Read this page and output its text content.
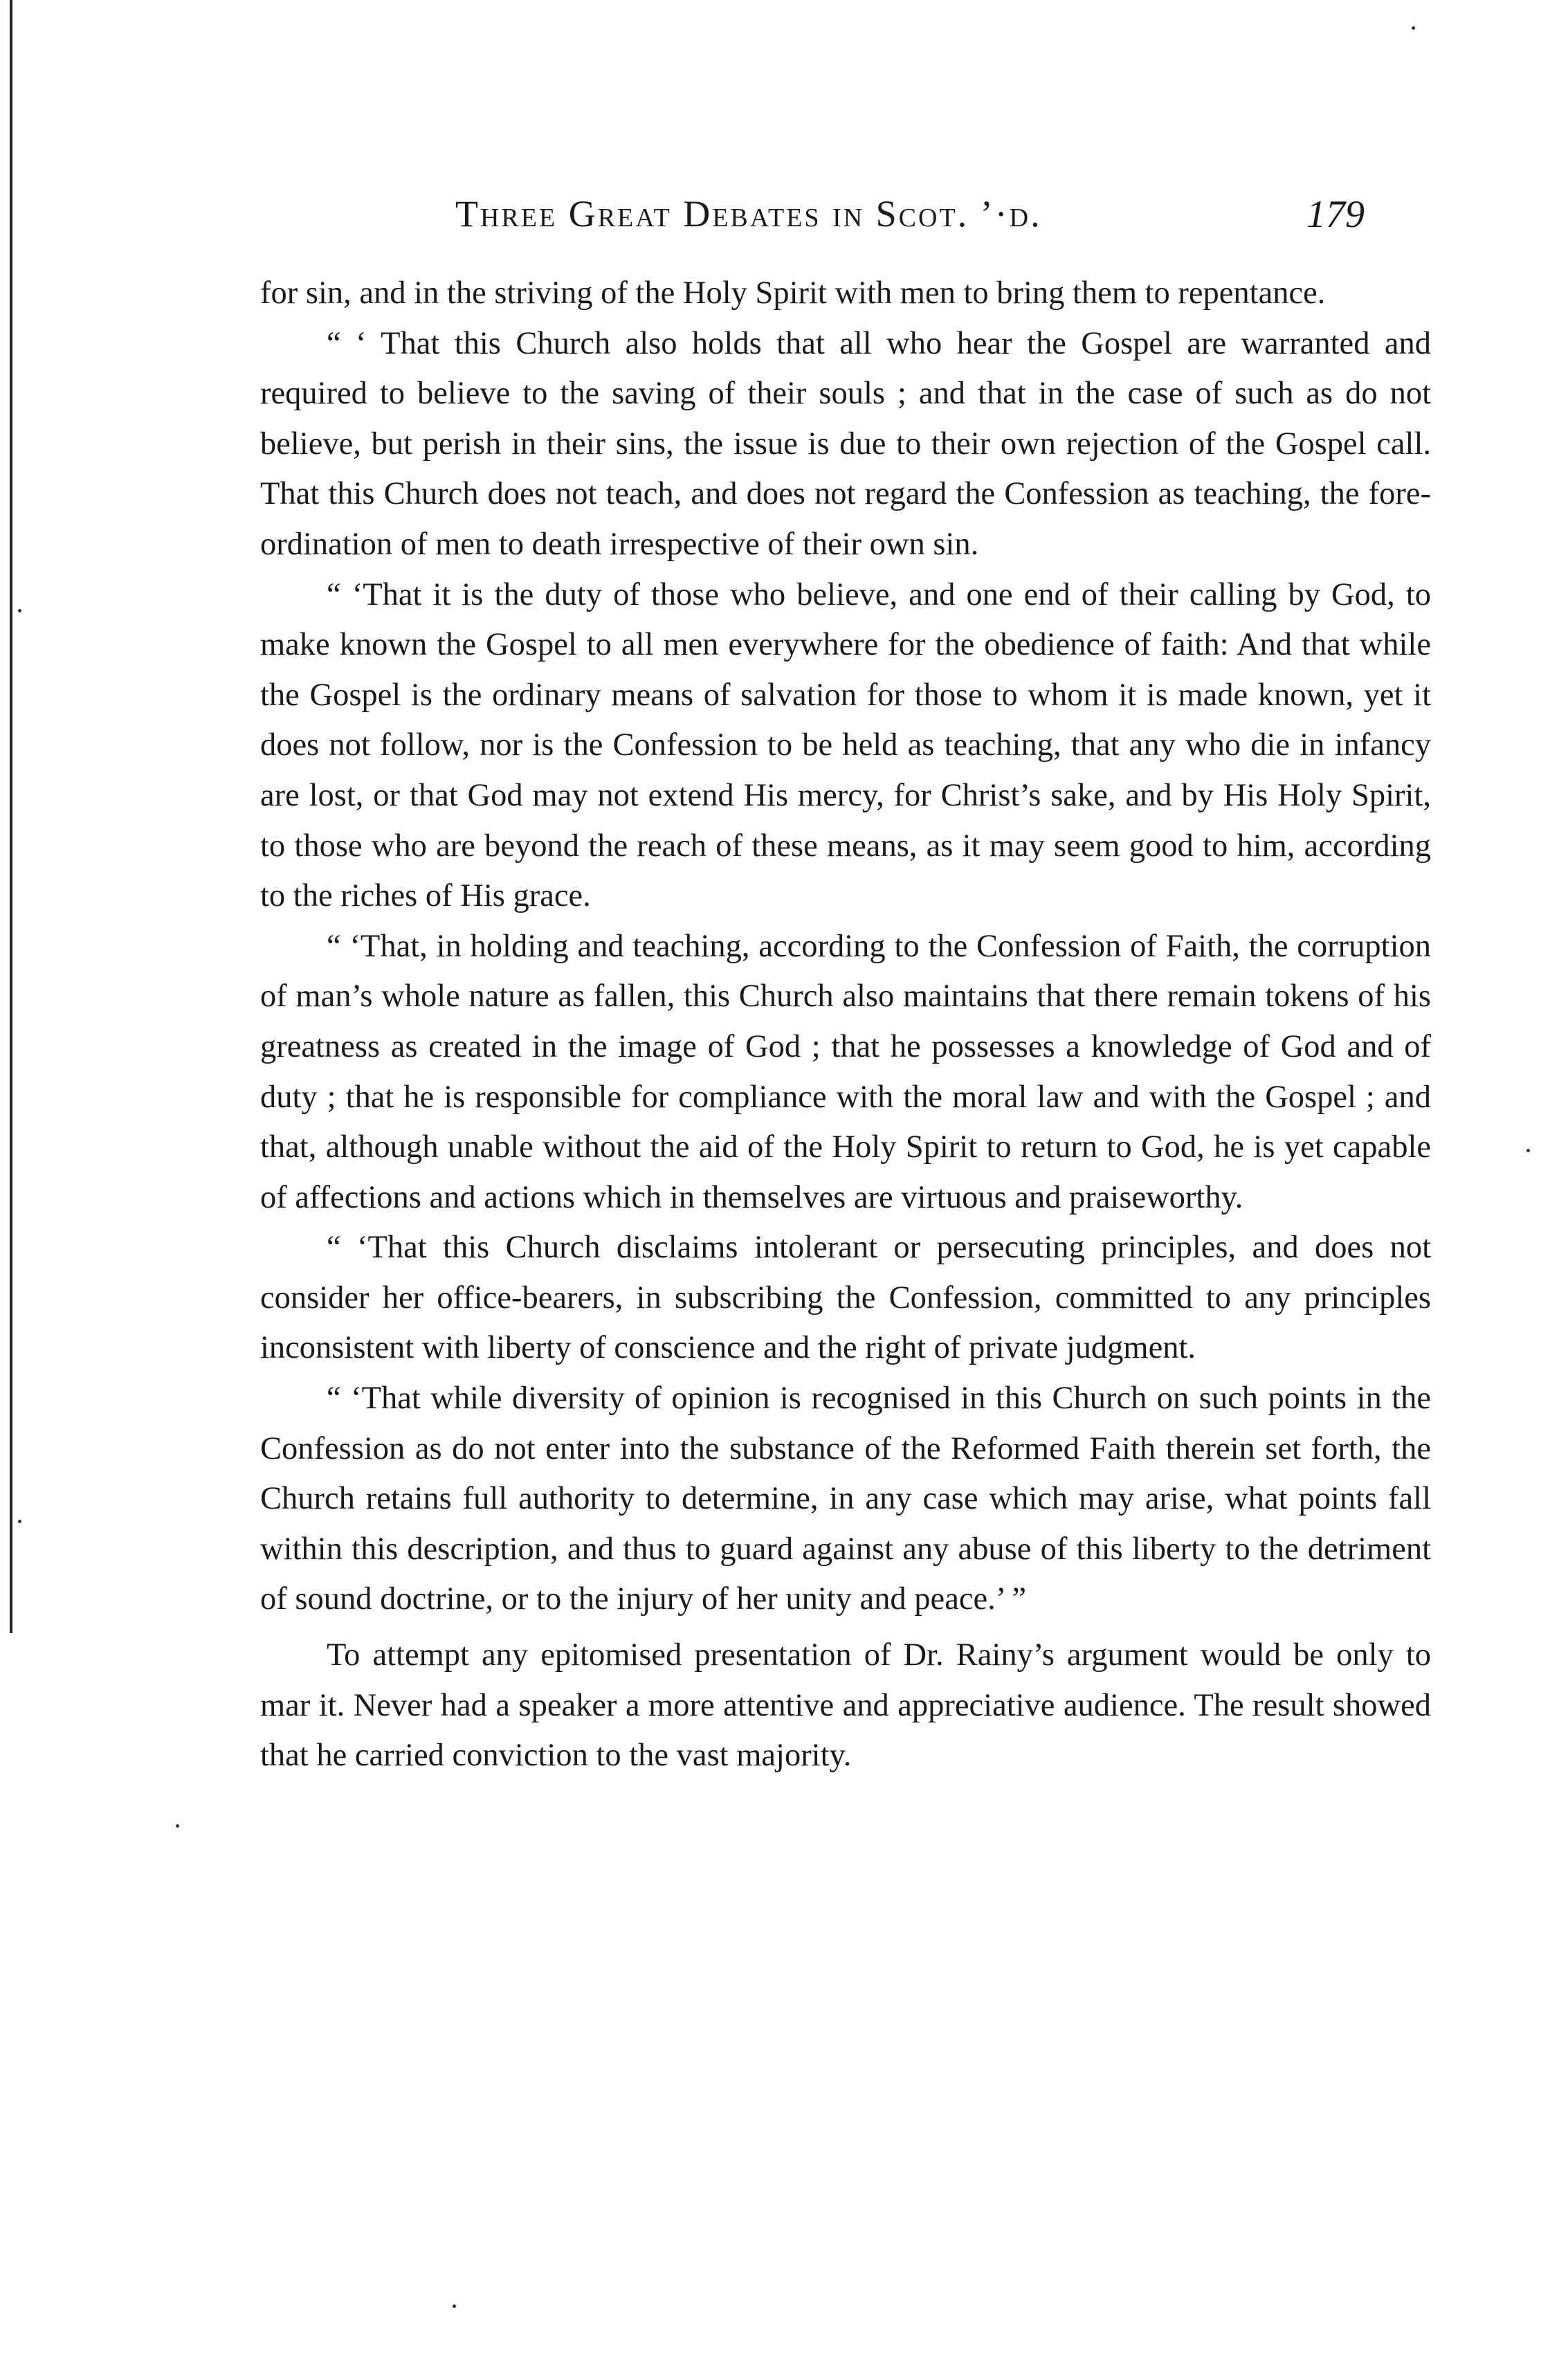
Three Great Debates in Scot. ’·d.	179

for sin, and in the striving of the Holy Spirit with men to bring them to repentance.

“ ‘ That this Church also holds that all who hear the Gospel are warranted and required to believe to the saving of their souls ; and that in the case of such as do not believe, but perish in their sins, the issue is due to their own rejection of the Gospel call. That this Church does not teach, and does not regard the Confession as teaching, the fore-ordination of men to death irrespective of their own sin.

“ ‘That it is the duty of those who believe, and one end of their calling by God, to make known the Gospel to all men everywhere for the obedience of faith: And that while the Gospel is the ordinary means of salvation for those to whom it is made known, yet it does not follow, nor is the Confession to be held as teaching, that any who die in infancy are lost, or that God may not extend His mercy, for Christ’s sake, and by His Holy Spirit, to those who are beyond the reach of these means, as it may seem good to him, according to the riches of His grace.

“ ‘That, in holding and teaching, according to the Confession of Faith, the corruption of man’s whole nature as fallen, this Church also maintains that there remain tokens of his greatness as created in the image of God ; that he possesses a knowledge of God and of duty ; that he is responsible for compliance with the moral law and with the Gospel ; and that, although unable without the aid of the Holy Spirit to return to God, he is yet capable of affections and actions which in themselves are virtuous and praiseworthy.

“ ‘That this Church disclaims intolerant or persecuting principles, and does not consider her office-bearers, in subscribing the Confession, committed to any principles inconsistent with liberty of conscience and the right of private judgment.

“ ‘That while diversity of opinion is recognised in this Church on such points in the Confession as do not enter into the substance of the Reformed Faith therein set forth, the Church retains full authority to determine, in any case which may arise, what points fall within this description, and thus to guard against any abuse of this liberty to the detriment of sound doctrine, or to the injury of her unity and peace.’ ”

To attempt any epitomised presentation of Dr. Rainy’s argument would be only to mar it. Never had a speaker a more attentive and appreciative audience. The result showed that he carried conviction to the vast majority.
